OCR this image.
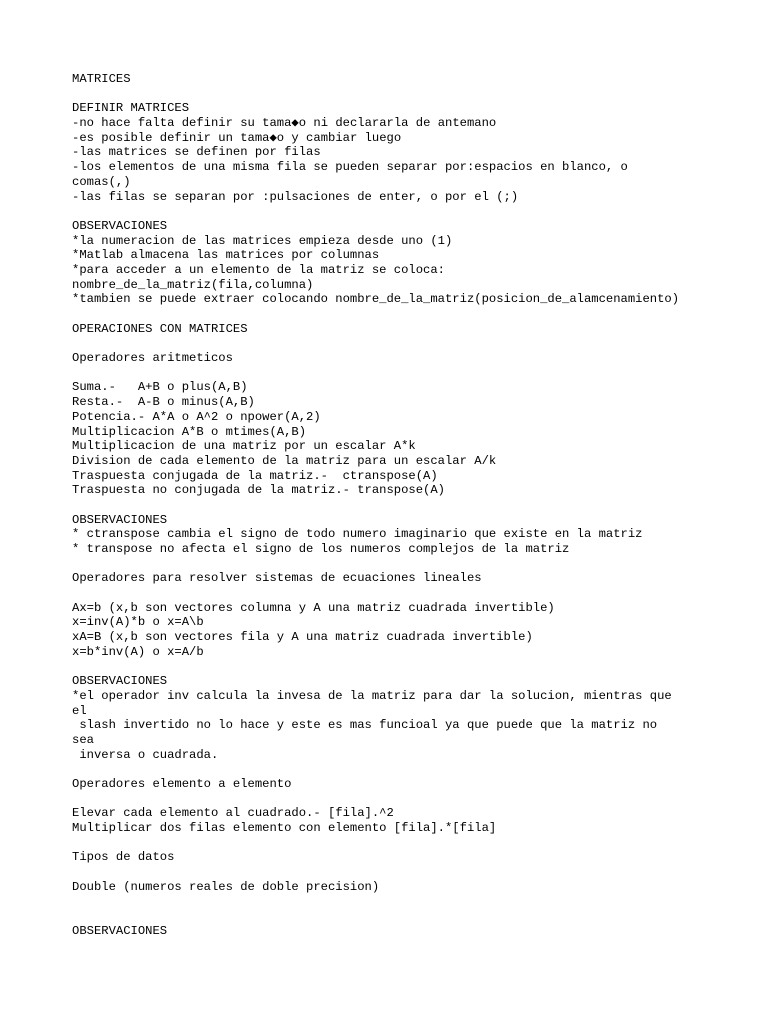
MATRICES

DEFINIR MATRICES
-no hace falta definir su tama◆o ni declararla de antemano
-es posible definir un tama◆o y cambiar luego
-las matrices se definen por filas
-los elementos de una misma fila se pueden separar por:espacios en blanco, o
comas(,)
-las filas se separan por :pulsaciones de enter, o por el (;)

OBSERVACIONES
*la numeracion de las matrices empieza desde uno (1)
*Matlab almacena las matrices por columnas
*para acceder a un elemento de la matriz se coloca:
nombre_de_la_matriz(fila,columna)
*tambien se puede extraer colocando nombre_de_la_matriz(posicion_de_alamcenamiento)

OPERACIONES CON MATRICES

Operadores aritmeticos

Suma.-   A+B o plus(A,B)
Resta.-  A-B o minus(A,B)
Potencia.- A*A o A^2 o npower(A,2)
Multiplicacion A*B o mtimes(A,B)
Multiplicacion de una matriz por un escalar A*k
Division de cada elemento de la matriz para un escalar A/k
Traspuesta conjugada de la matriz.-  ctranspose(A)
Traspuesta no conjugada de la matriz.- transpose(A)

OBSERVACIONES
* ctranspose cambia el signo de todo numero imaginario que existe en la matriz
* transpose no afecta el signo de los numeros complejos de la matriz

Operadores para resolver sistemas de ecuaciones lineales

Ax=b (x,b son vectores columna y A una matriz cuadrada invertible)
x=inv(A)*b o x=A\b
xA=B (x,b son vectores fila y A una matriz cuadrada invertible)
x=b*inv(A) o x=A/b

OBSERVACIONES
*el operador inv calcula la invesa de la matriz para dar la solucion, mientras que
el
slash invertido no lo hace y este es mas funcioal ya que puede que la matriz no
sea
inversa o cuadrada.

Operadores elemento a elemento

Elevar cada elemento al cuadrado.- [fila].^2
Multiplicar dos filas elemento con elemento [fila].*[fila]

Tipos de datos

Double (numeros reales de doble precision)

OBSERVACIONES
